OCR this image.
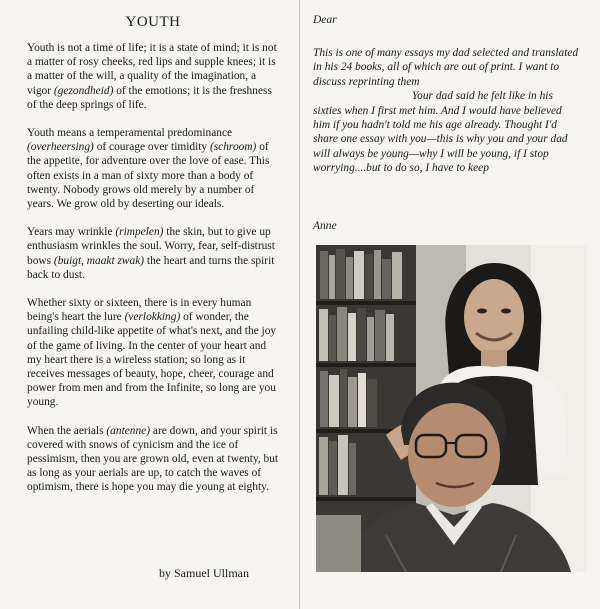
YOUTH

Youth is not a time of life; it is a state of mind; it is not a matter of rosy cheeks, red lips and supple knees; it is a matter of the will, a quality of the imagination, a vigor (gezondheid) of the emotions; it is the freshness of the deep springs of life.

Youth means a temperamental predominance (overheersing) of courage over timidity (schroom) of the appetite, for adventure over the love of ease. This often exists in a man of sixty more than a body of twenty. Nobody grows old merely by a number of years. We grow old by deserting our ideals.

Years may wrinkle (rimpelen) the skin, but to give up enthusiasm wrinkles the soul. Worry, fear, self-distrust bows (buigt, maakt zwak) the heart and turns the spirit back to dust.

Whether sixty or sixteen, there is in every human being's heart the lure (verlokking) of wonder, the unfailing child-like appetite of what's next, and the joy of the game of living. In the center of your heart and my heart there is a wireless station; so long as it receives messages of beauty, hope, cheer, courage and power from men and from the Infinite, so long are you young.

When the aerials (antenne) are down, and your spirit is covered with snows of cynicism and the ice of pessimism, then you are grown old, even at twenty, but as long as your aerials are up, to catch the waves of optimism, there is hope you may die young at eighty.

by Samuel Ullman

Dear

This is one of many essays my dad selected and translated in his 24 books, all of which are out of print. I want to discuss reprinting them
Your dad said he felt like in his sixties when I first met him. And I would have believed him if you hadn't told me his age already. Thought I'd share one essay with you—this is why you and your dad will always be young—why I will be young, if I stop worrying....but to do so, I have to keep

Anne
